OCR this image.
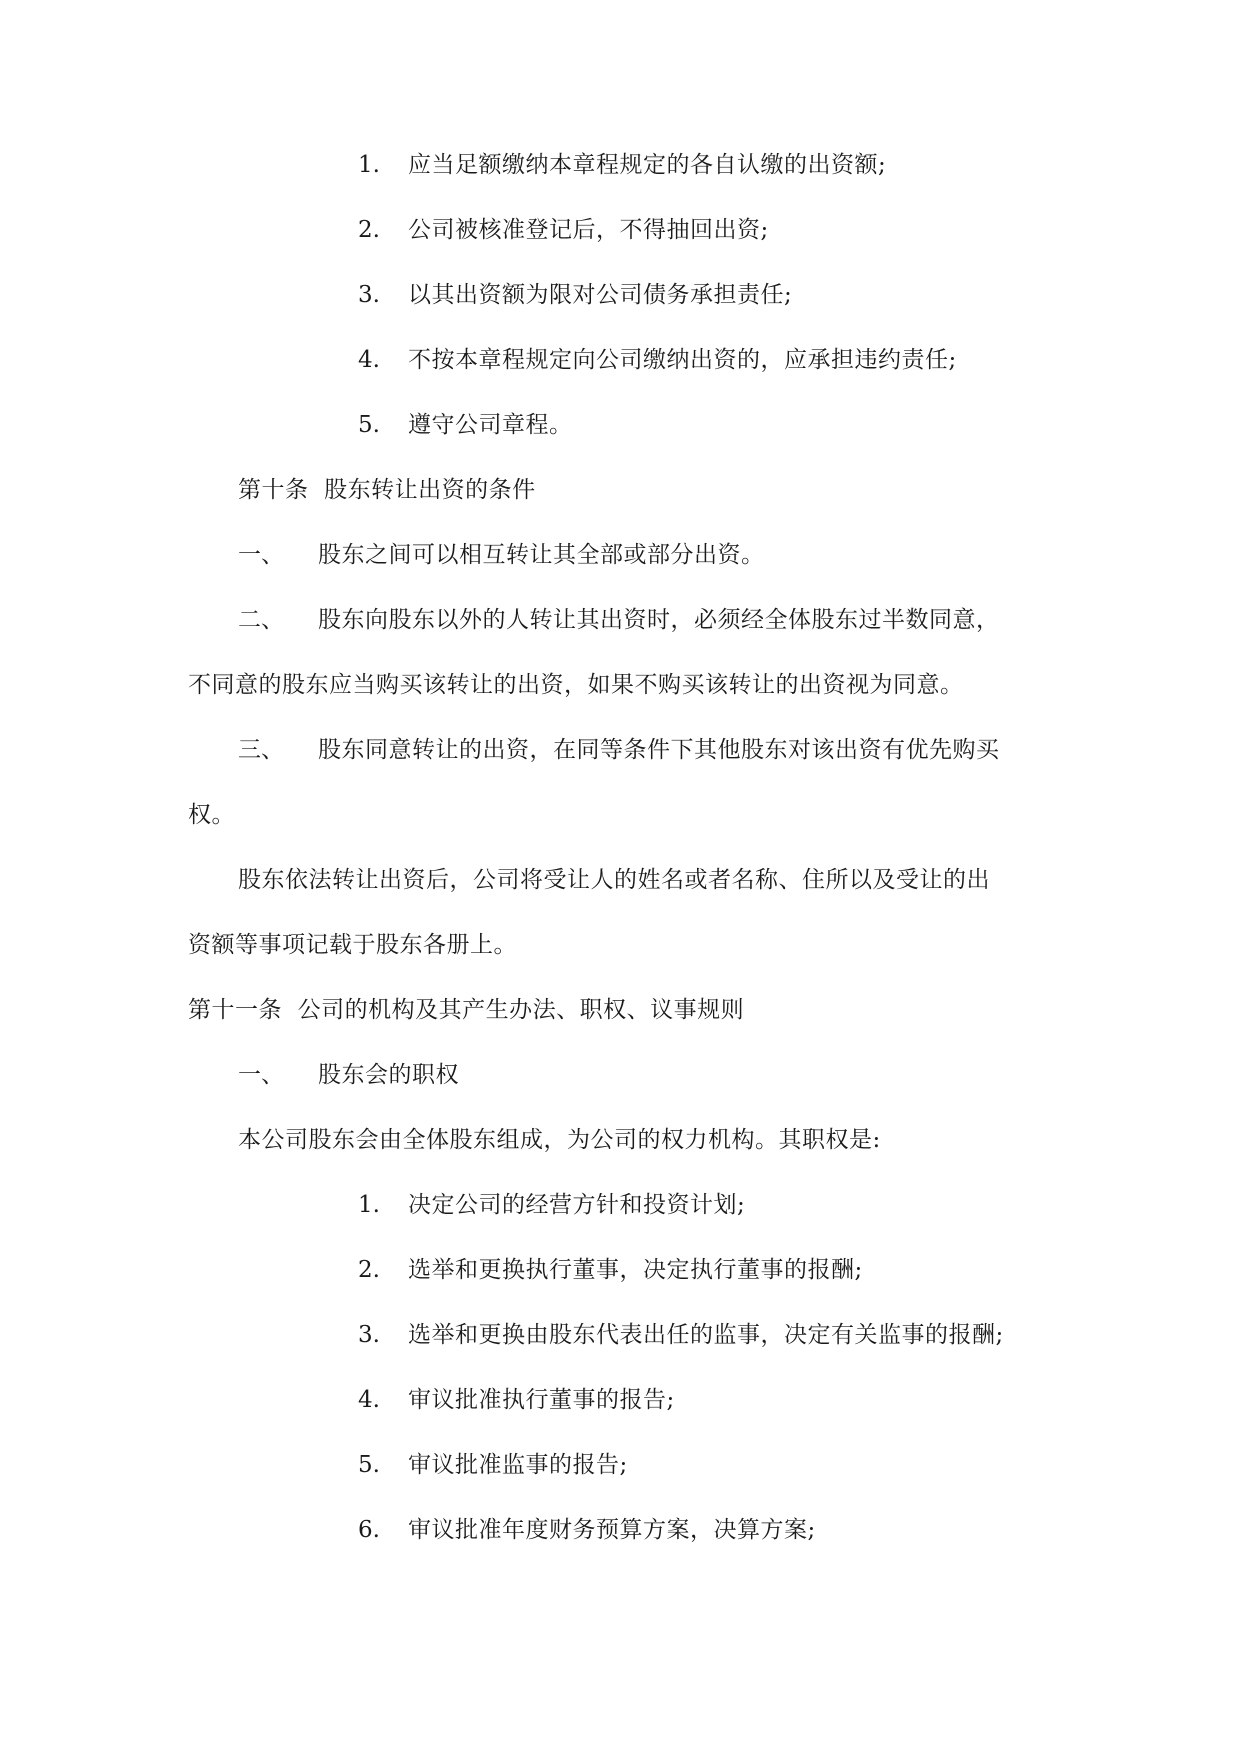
1. 应当足额缴纳本章程规定的各自认缴的出资额;
2. 公司被核准登记后，不得抽回出资;
3. 以其出资额为限对公司债务承担责任;
4. 不按本章程规定向公司缴纳出资的，应承担违约责任;
5. 遵守公司章程。
第十条  股东转让出资的条件
一、 股东之间可以相互转让其全部或部分出资。
二、 股东向股东以外的人转让其出资时，必须经全体股东过半数同意，
不同意的股东应当购买该转让的出资，如果不购买该转让的出资视为同意。
三、 股东同意转让的出资，在同等条件下其他股东对该出资有优先购买
权。
股东依法转让出资后，公司将受让人的姓名或者名称、住所以及受让的出
资额等事项记载于股东各册上。
第十一条  公司的机构及其产生办法、职权、议事规则
一、 股东会的职权
本公司股东会由全体股东组成，为公司的权力机构。其职权是:
1. 决定公司的经营方针和投资计划;
2. 选举和更换执行董事，决定执行董事的报酬;
3. 选举和更换由股东代表出任的监事，决定有关监事的报酬;
4. 审议批准执行董事的报告;
5. 审议批准监事的报告;
6. 审议批准年度财务预算方案，决算方案;
